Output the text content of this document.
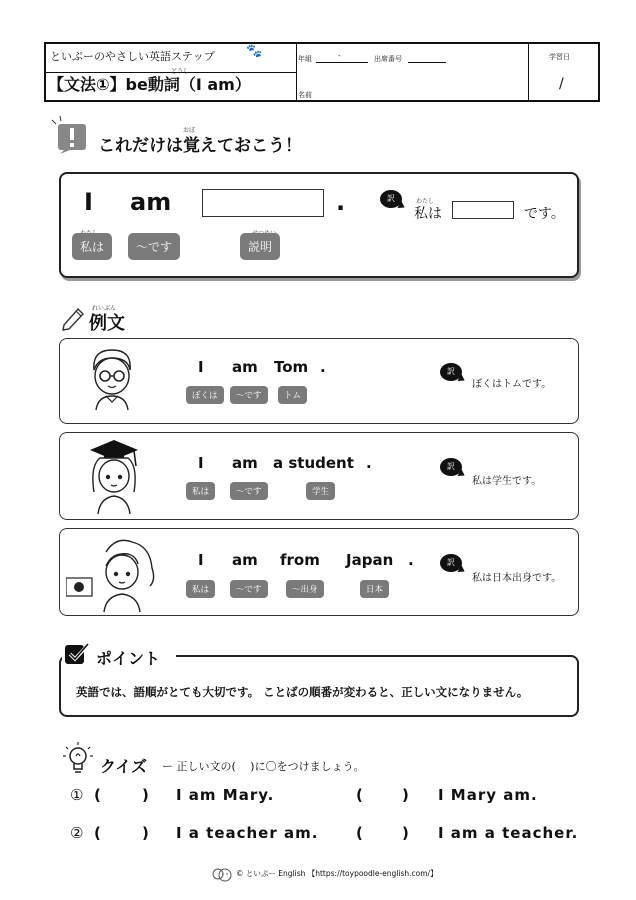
といぷーのやさしい英語ステップ 🐾
【文法①】be動詞（I am）
どうし
年組	-	出席番号
名前
学習日
/
これだけは覚えておこう！
おぼ
I am	.	訳	わたし
私は	です。
私は	〜です	説明
例文
れいぶん
I am Tom .
ぼくは	〜です	トム
訳
ぼくはトムです。
I am a student .
私は	〜です	学生
訳
私は学生です。
I am from Japan .
私は	〜です	〜出身	日本
訳
私は日本出身です。
ポイント
英語では、語順がとても大切です。 ことばの順番が変わると、正しい文になりません。
クイズ ー 正しい文の(　 )に〇をつけましょう。
① (	) I am Mary.	(	) I Mary am.
② (	) I a teacher am.	(	) I am a teacher.
© といぷー English 【https://toypoodle-english.com/】
